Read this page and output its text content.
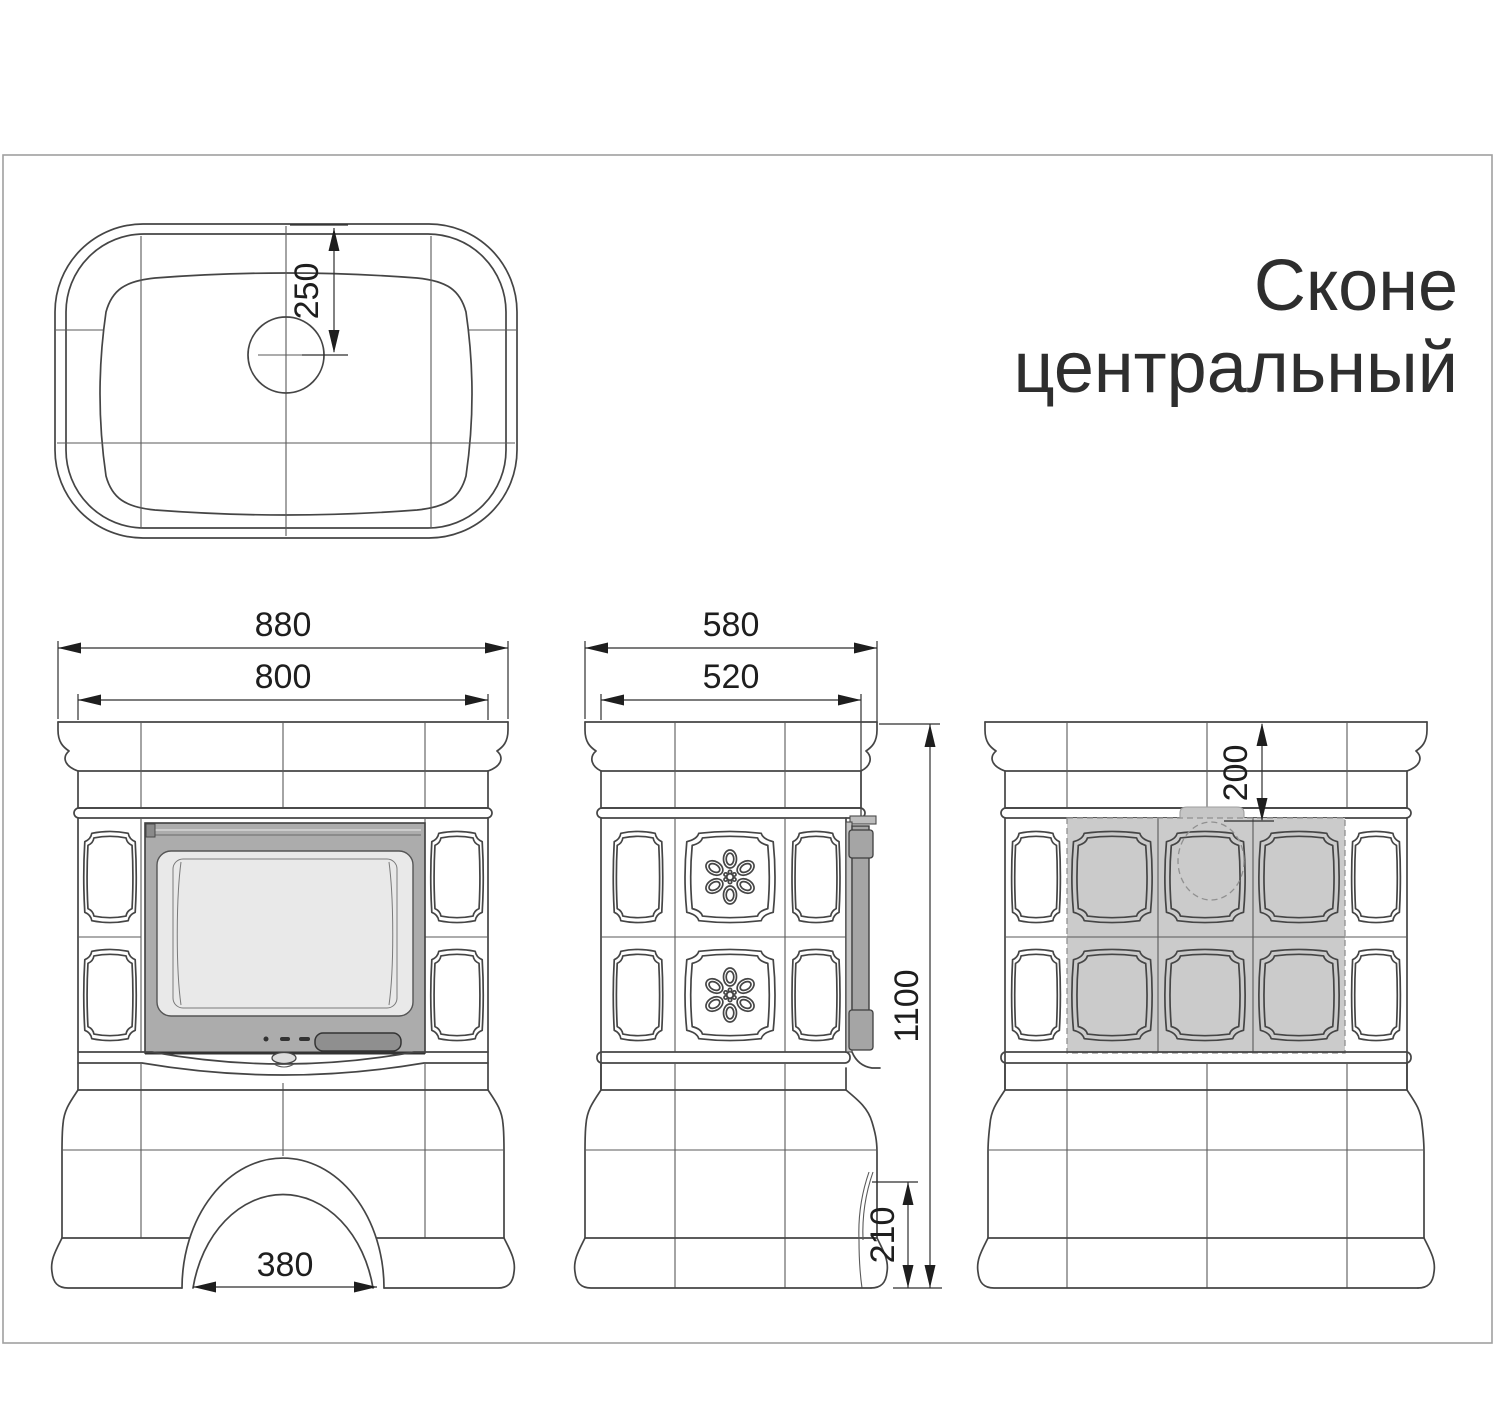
Сконе
центральный
250
880
800
380
580
520
1100
210
200
